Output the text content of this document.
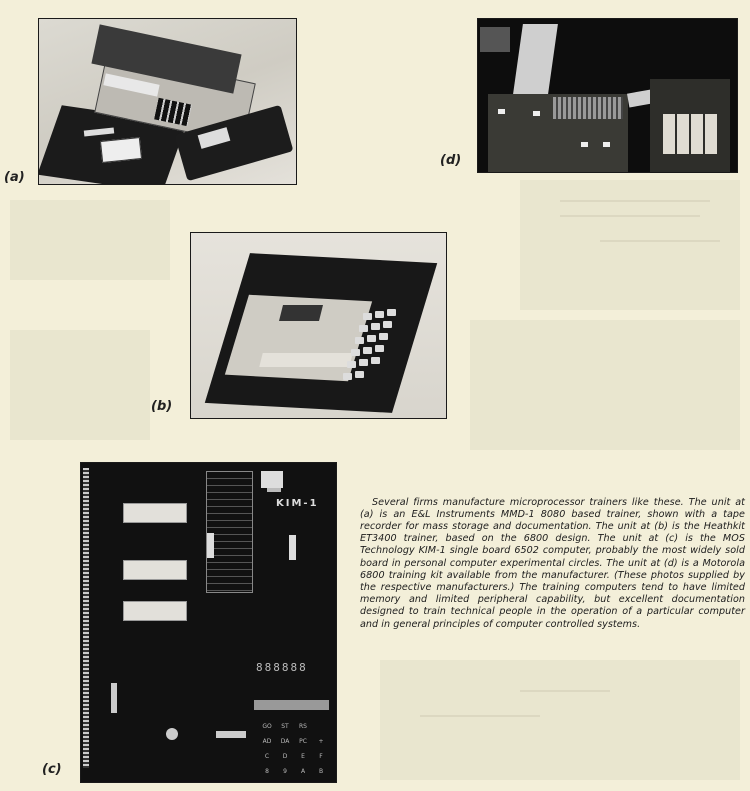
(a)
(d)
(b)
KIM-1
888888
GO	ST	RS
AD	DA	PC	+
C	D	E	F
8	9	A	B
(c)

Several firms manufacture microprocessor trainers like these. The unit at (a) is an E&L Instruments MMD-1 8080 based trainer, shown with a tape recorder for mass storage and documentation. The unit at (b) is the Heathkit ET3400 trainer, based on the 6800 design. The unit at (c) is the MOS Technology KIM-1 single board 6502 computer, probably the most widely sold board in personal computer experimental circles. The unit at (d) is a Motorola 6800 training kit available from the manufacturer. (These photos supplied by the respective manufacturers.) The training computers tend to have limited memory and limited peripheral capability, but excellent documentation designed to train technical people in the operation of a particular computer and in general principles of computer controlled systems.
